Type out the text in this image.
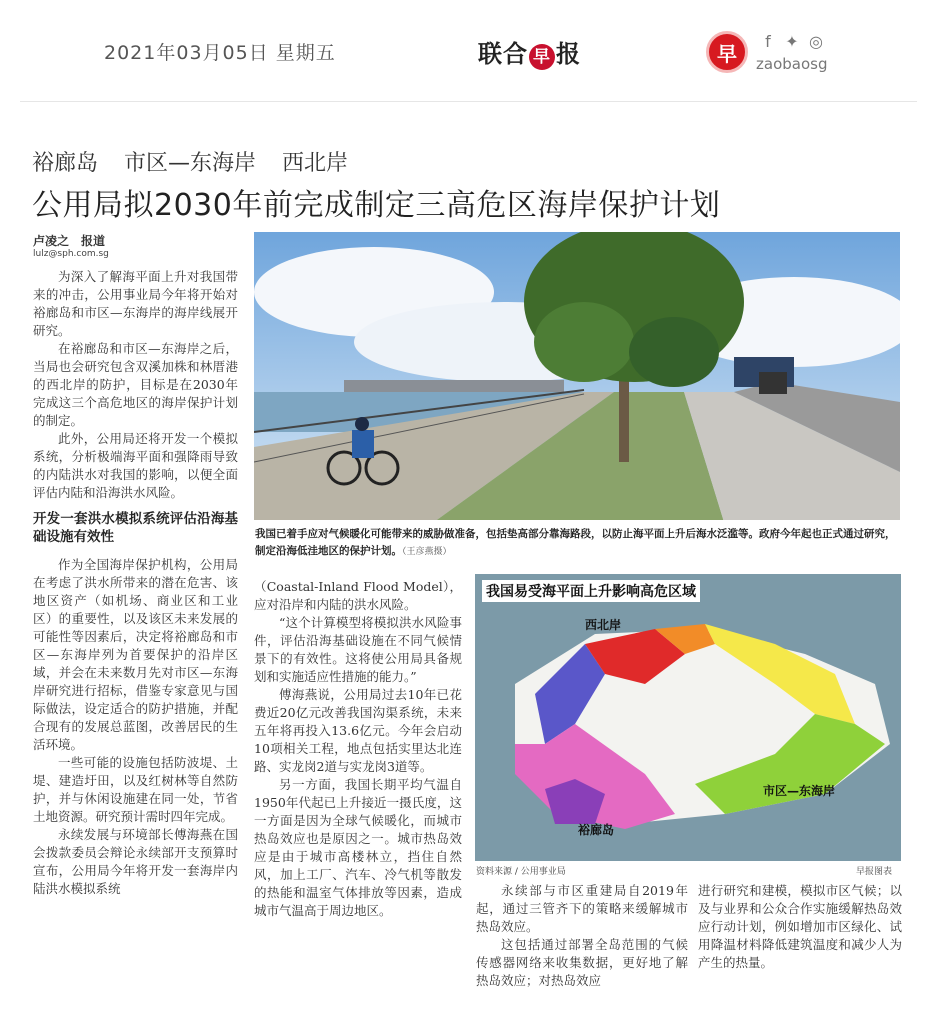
2021年03月05日 星期五	联合 早 报	早
f ✦ ◎
zaobaosg
裕廊岛 市区—东海岸 西北岸
公用局拟2030年前完成制定三高危区海岸保护计划
卢凌之　报道
lulz@sph.com.sg

为深入了解海平面上升对我国带来的冲击，公用事业局今年将开始对裕廊岛和市区—东海岸的海岸线展开研究。

在裕廊岛和市区—东海岸之后，当局也会研究包含双溪加株和林厝港的西北岸的防护，目标是在2030年完成这三个高危地区的海岸保护计划的制定。

此外，公用局还将开发一个模拟系统，分析极端海平面和强降雨导致的内陆洪水对我国的影响，以便全面评估内陆和沿海洪水风险。

开发一套洪水模拟系统评估沿海基础设施有效性

作为全国海岸保护机构，公用局在考虑了洪水所带来的潜在危害、该地区资产（如机场、商业区和工业区）的重要性，以及该区未来发展的可能性等因素后，决定将裕廊岛和市区—东海岸列为首要保护的沿岸区域，并会在未来数月先对市区—东海岸研究进行招标，借鉴专家意见与国际做法，设定适合的防护措施，并配合现有的发展总蓝图，改善居民的生活环境。

一些可能的设施包括防波堤、土堤、建造圩田，以及红树林等自然防护，并与休闲设施建在同一处，节省土地资源。研究预计需时四年完成。

永续发展与环境部长傅海燕在国会拨款委员会辩论永续部开支预算时宣布，公用局今年将开发一套海岸内陆洪水模拟系统

我国已着手应对气候暖化可能带来的威胁做准备，包括垫高部分靠海路段，以防止海平面上升后海水泛滥等。政府今年起也正式通过研究，制定沿海低洼地区的保护计划。（王彦燕摄）
（Coastal-Inland Flood Model），应对沿岸和内陆的洪水风险。

“这个计算模型将模拟洪水风险事件，评估沿海基础设施在不同气候情景下的有效性。这将使公用局具备规划和实施适应性措施的能力。”

傅海燕说，公用局过去10年已花费近20亿元改善我国沟渠系统，未来五年将再投入13.6亿元。今年会启动10项相关工程，地点包括实里达北连路、实龙岗2道与实龙岗3道等。

另一方面，我国长期平均气温自1950年代起已上升接近一摄氏度，这一方面是因为全球气候暖化，而城市热岛效应也是原因之一。城市热岛效应是由于城市高楼林立，挡住自然风，加上工厂、汽车、冷气机等散发的热能和温室气体排放等因素，造成城市气温高于周边地区。

我国易受海平面上升影响高危区域
西北岸
市区—东海岸
裕廊岛
资料来源 / 公用事业局	早报图表

永续部与市区重建局自2019年起，通过三管齐下的策略来缓解城市热岛效应。

这包括通过部署全岛范围的气候传感器网络来收集数据，更好地了解热岛效应；对热岛效应

进行研究和建模，模拟市区气候；以及与业界和公众合作实施缓解热岛效应行动计划，例如增加市区绿化、试用降温材料降低建筑温度和减少人为产生的热量。
